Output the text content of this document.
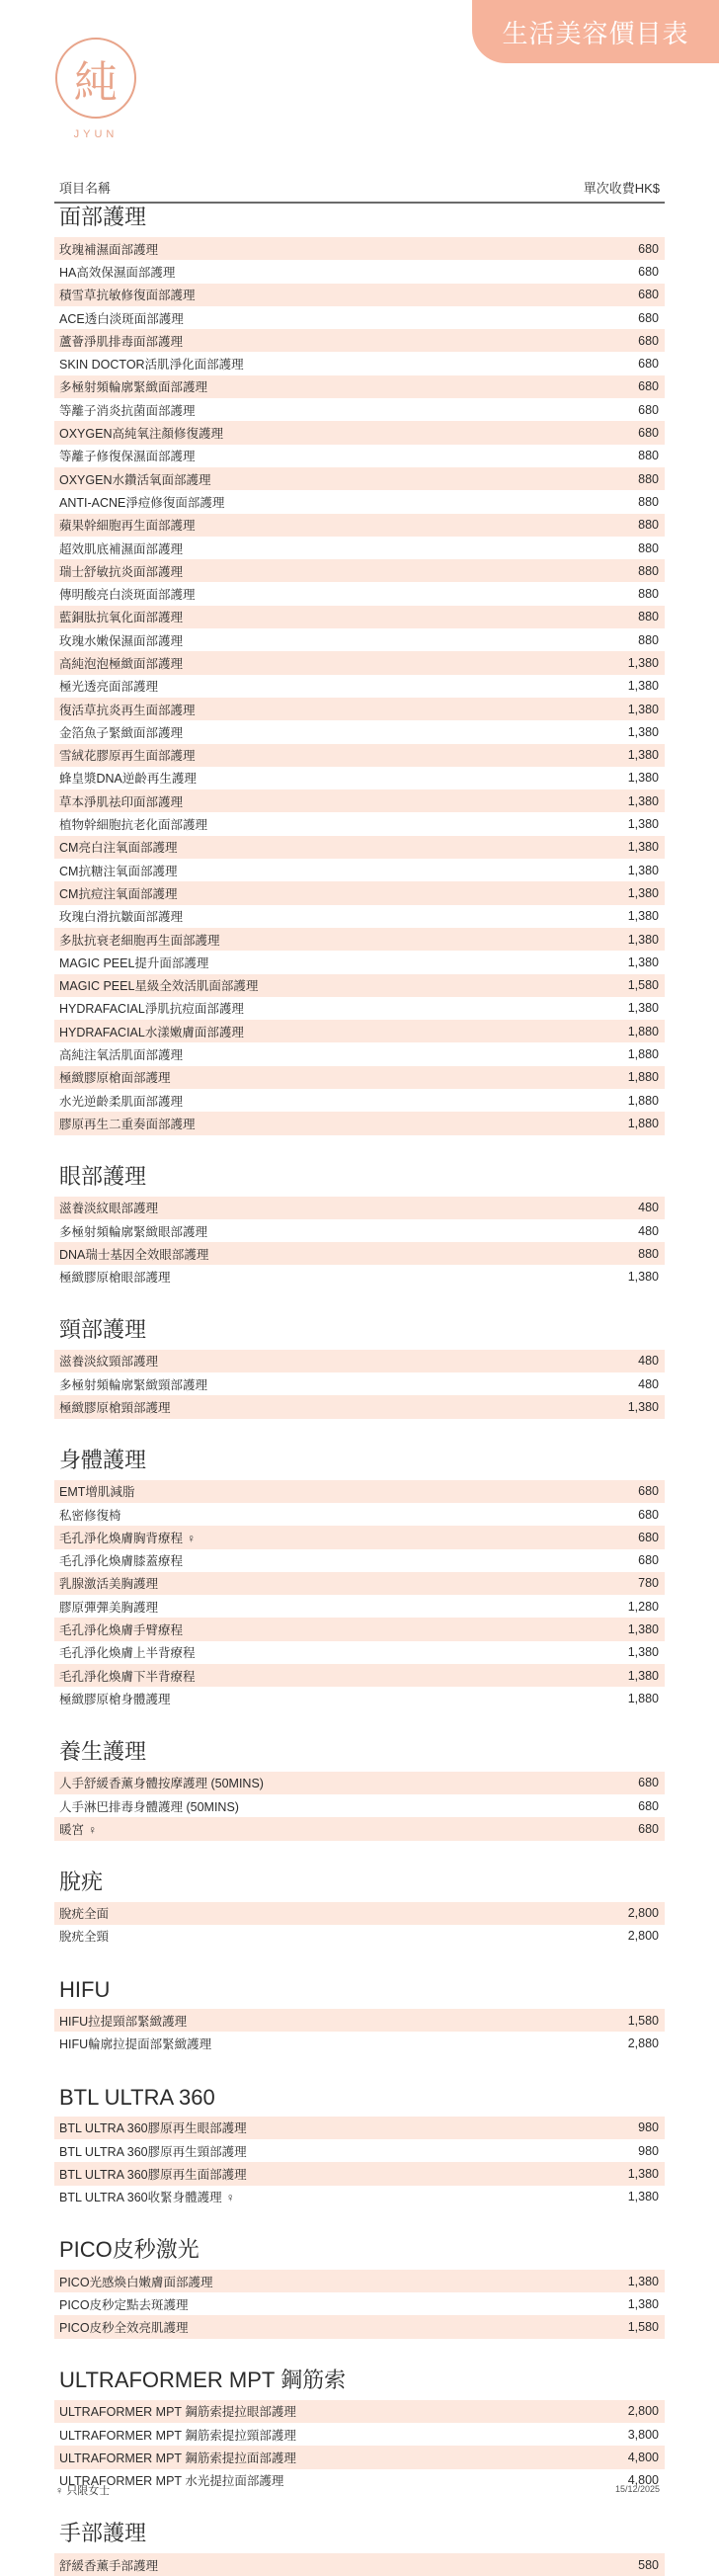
生活美容價目表
純
JYUN
項目名稱	單次收費HK$
面部護理
玫瑰補濕面部護理	680
HA高效保濕面部護理	680
積雪草抗敏修復面部護理	680
ACE透白淡斑面部護理	680
蘆薈淨肌排毒面部護理	680
SKIN DOCTOR活肌淨化面部護理	680
多極射頻輪廓緊緻面部護理	680
等離子消炎抗菌面部護理	680
OXYGEN高純氧注顏修復護理	680
等離子修復保濕面部護理	880
OXYGEN水鑽活氧面部護理	880
ANTI-ACNE淨痘修復面部護理	880
蘋果幹細胞再生面部護理	880
超效肌底補濕面部護理	880
瑞士舒敏抗炎面部護理	880
傳明酸亮白淡斑面部護理	880
藍銅肽抗氧化面部護理	880
玫瑰水嫩保濕面部護理	880
高純泡泡極緻面部護理	1,380
極光透亮面部護理	1,380
復活草抗炎再生面部護理	1,380
金箔魚子緊緻面部護理	1,380
雪絨花膠原再生面部護理	1,380
蜂皇漿DNA逆齡再生護理	1,380
草本淨肌祛印面部護理	1,380
植物幹細胞抗老化面部護理	1,380
CM亮白注氧面部護理	1,380
CM抗糖注氧面部護理	1,380
CM抗痘注氧面部護理	1,380
玫瑰白滑抗皺面部護理	1,380
多肽抗衰老細胞再生面部護理	1,380
MAGIC PEEL提升面部護理	1,380
MAGIC PEEL星級全效活肌面部護理	1,580
HYDRAFACIAL淨肌抗痘面部護理	1,380
HYDRAFACIAL水漾嫩膚面部護理	1,880
高純注氧活肌面部護理	1,880
極緻膠原槍面部護理	1,880
水光逆齡柔肌面部護理	1,880
膠原再生二重奏面部護理	1,880
眼部護理
滋養淡紋眼部護理	480
多極射頻輪廓緊緻眼部護理	480
DNA瑞士基因全效眼部護理	880
極緻膠原槍眼部護理	1,380
頸部護理
滋養淡紋頸部護理	480
多極射頻輪廓緊緻頸部護理	480
極緻膠原槍頸部護理	1,380
身體護理
EMT增肌減脂	680
私密修復椅	680
毛孔淨化煥膚胸背療程 ♀	680
毛孔淨化煥膚膝蓋療程	680
乳腺激活美胸護理	780
膠原彈彈美胸護理	1,280
毛孔淨化煥膚手臂療程	1,380
毛孔淨化煥膚上半背療程	1,380
毛孔淨化煥膚下半背療程	1,380
極緻膠原槍身體護理	1,880
養生護理
人手舒緩香薰身體按摩護理 (50MINS)	680
人手淋巴排毒身體護理 (50MINS)	680
暖宮 ♀	680
脫疣
脫疣全面	2,800
脫疣全頸	2,800
HIFU
HIFU拉提頸部緊緻護理	1,580
HIFU輪廓拉提面部緊緻護理	2,880
BTL ULTRA 360
BTL ULTRA 360膠原再生眼部護理	980
BTL ULTRA 360膠原再生頸部護理	980
BTL ULTRA 360膠原再生面部護理	1,380
BTL ULTRA 360收緊身體護理 ♀	1,380
PICO皮秒激光
PICO光感煥白嫩膚面部護理	1,380
PICO皮秒定點去斑護理	1,380
PICO皮秒全效亮肌護理	1,580
ULTRAFORMER MPT 鋼筋索
ULTRAFORMER MPT 鋼筋索提拉眼部護理	2,800
ULTRAFORMER MPT 鋼筋索提拉頸部護理	3,800
ULTRAFORMER MPT 鋼筋索提拉面部護理	4,800
ULTRAFORMER MPT 水光提拉面部護理	4,800
手部護理
舒緩香薰手部護理	580
♀ 只限女士	15/12/2025
